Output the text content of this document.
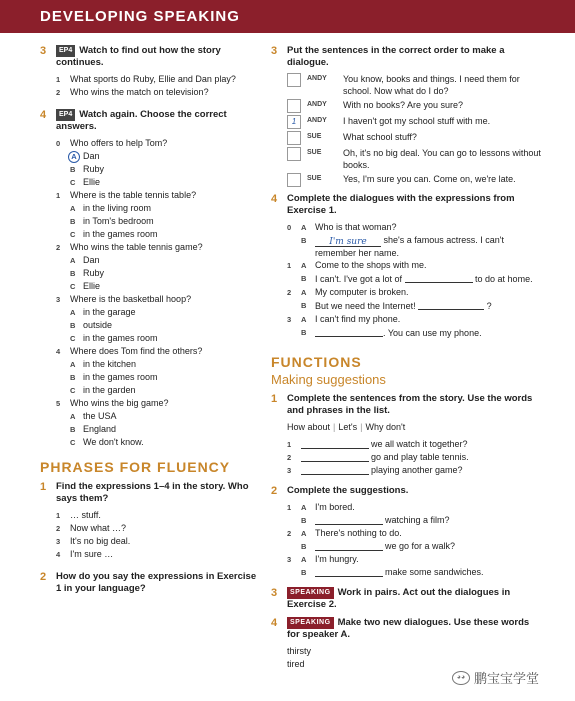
DEVELOPING SPEAKING
3	EP4 Watch to find out how the story continues.
1	What sports do Ruby, Ellie and Dan play?
2	Who wins the match on television?
4	EP4 Watch again. Choose the correct answers.
0	Who offers to help Tom?
A Dan
B Ruby
C Ellie
1	Where is the table tennis table?
A in the living room
B in Tom's bedroom
C in the games room
2	Who wins the table tennis game?
A Dan
B Ruby
C Ellie
3	Where is the basketball hoop?
A in the garage
B outside
C in the games room
4	Where does Tom find the others?
A in the kitchen
B in the games room
C in the garden
5	Who wins the big game?
A the USA
B England
C We don't know.
PHRASES FOR FLUENCY
1	Find the expressions 1–4 in the story. Who says them?
1	… stuff.
2	Now what …?
3	It's no big deal.
4	I'm sure …
2	How do you say the expressions in Exercise 1 in your language?
3	Put the sentences in the correct order to make a dialogue.
ANDY	You know, books and things. I need them for school. Now what do I do?
ANDY	With no books? Are you sure?
1	ANDY	I haven't got my school stuff with me.
SUE	What school stuff?
SUE	Oh, it's no big deal. You can go to lessons without books.
SUE	Yes, I'm sure you can. Come on, we're late.
4	Complete the dialogues with the expressions from Exercise 1.
0	A Who is that woman?
B	I'm sure she's a famous actress. I can't remember her name.
1	A Come to the shops with me.
B I can't. I've got a lot of	to do at home.
2	A My computer is broken.
B But we need the Internet!	?
3	A I can't find my phone.
B	. You can use my phone.
FUNCTIONS
Making suggestions
1	Complete the sentences from the story. Use the words and phrases in the list.
How about | Let's | Why don't
1	we all watch it together?
2	go and play table tennis.
3	playing another game?
2	Complete the suggestions.
1	A I'm bored.
B	watching a film?
2	A There's nothing to do.
B	we go for a walk?
3	A I'm hungry.
B	make some sandwiches.
3	SPEAKING Work in pairs. Act out the dialogues in Exercise 2.
4	SPEAKING Make two new dialogues. Use these words for speaker A.
thirsty
tired
◕◕ 鹏宝宝学堂
